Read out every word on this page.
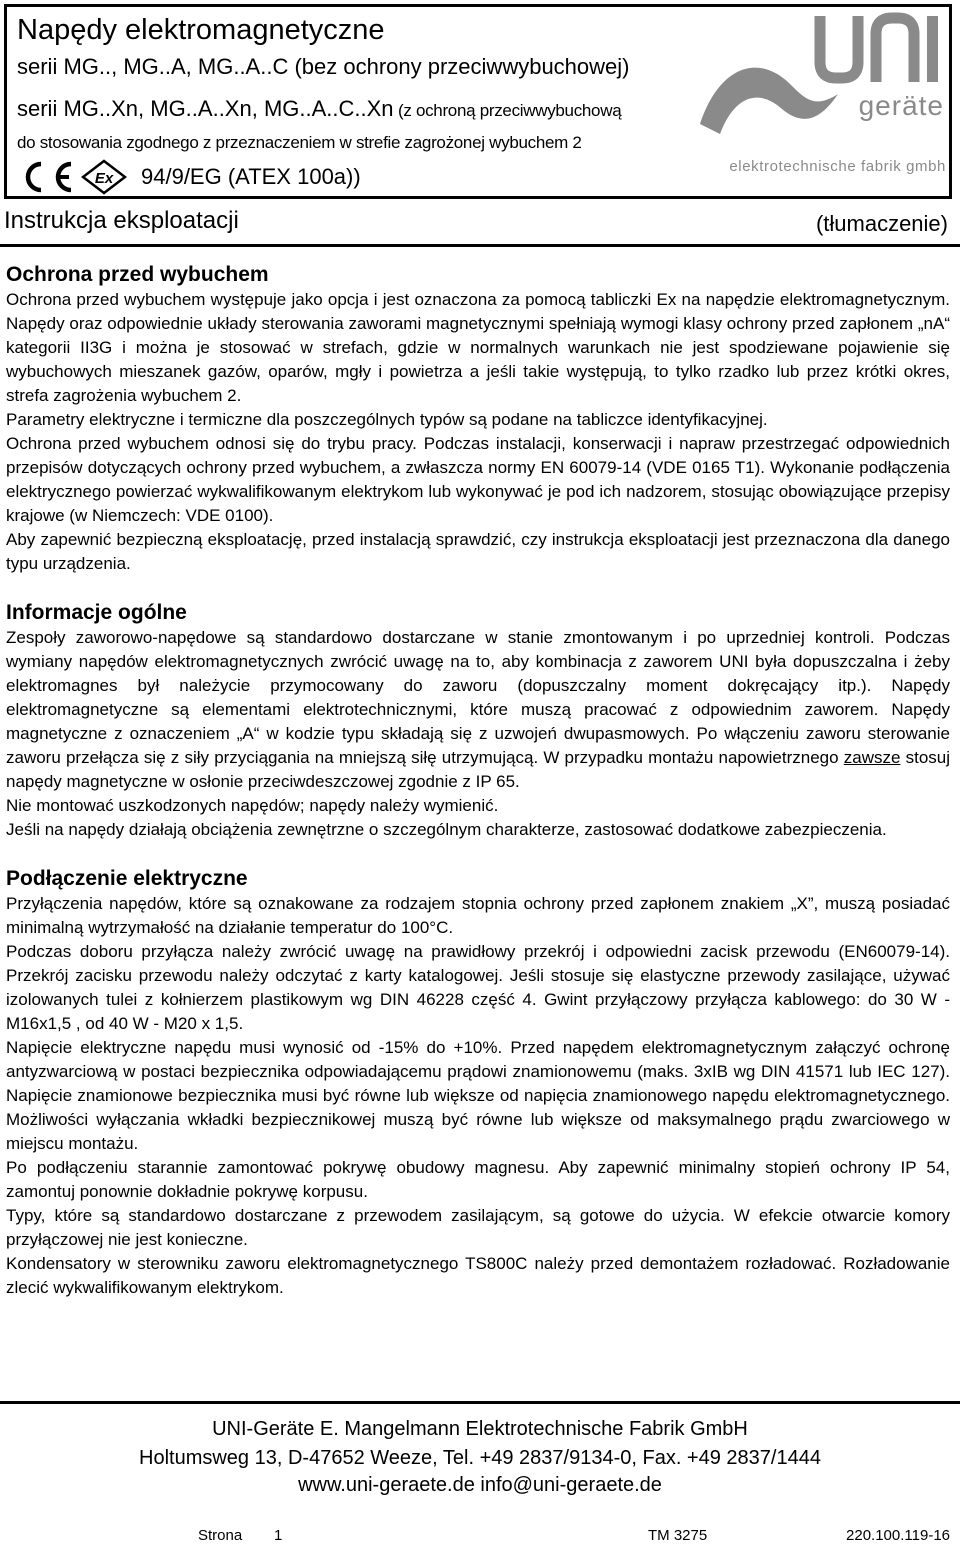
Napędy elektromagnetyczne
serii MG.., MG..A, MG..A..C (bez ochrony przeciwwybuchowej)
serii MG..Xn, MG..A..Xn, MG..A..C..Xn (z ochroną przeciwwybuchową
do stosowania zgodnego z przeznaczeniem w strefie zagrożonej wybuchem 2
Ex 94/9/EG (ATEX 100a))
geräte
elektrotechnische fabrik gmbh
Instrukcja eksploatacji	(tłumaczenie)
Ochrona przed wybuchem

Ochrona przed wybuchem występuje jako opcja i jest oznaczona za pomocą tabliczki Ex na napędzie elektromagnetycznym. Napędy oraz odpowiednie układy sterowania zaworami magnetycznymi spełniają wymogi klasy ochrony przed zapłonem „nA“ kategorii II3G i można je stosować w strefach, gdzie w normalnych warunkach nie jest spodziewane pojawienie się wybuchowych mieszanek gazów, oparów, mgły i powietrza a jeśli takie występują, to tylko rzadko lub przez krótki okres, strefa zagrożenia wybuchem 2.

Parametry elektryczne i termiczne dla poszczególnych typów są podane na tabliczce identyfikacyjnej.

Ochrona przed wybuchem odnosi się do trybu pracy. Podczas instalacji, konserwacji i napraw przestrzegać odpowiednich przepisów dotyczących ochrony przed wybuchem, a zwłaszcza normy EN 60079-14 (VDE 0165 T1). Wykonanie podłączenia elektrycznego powierzać wykwalifikowanym elektrykom lub wykonywać je pod ich nadzorem, stosując obowiązujące przepisy krajowe (w Niemczech: VDE 0100).

Aby zapewnić bezpieczną eksploatację, przed instalacją sprawdzić, czy instrukcja eksploatacji jest przeznaczona dla danego typu urządzenia.

Informacje ogólne

Zespoły zaworowo-napędowe są standardowo dostarczane w stanie zmontowanym i po uprzedniej kontroli. Podczas wymiany napędów elektromagnetycznych zwrócić uwagę na to, aby kombinacja z zaworem UNI była dopuszczalna i żeby elektromagnes był należycie przymocowany do zaworu (dopuszczalny moment dokręcający itp.). Napędy elektromagnetyczne są elementami elektrotechnicznymi, które muszą pracować z odpowiednim zaworem. Napędy magnetyczne z oznaczeniem „A“ w kodzie typu składają się z uzwojeń dwupasmowych. Po włączeniu zaworu sterowanie zaworu przełącza się z siły przyciągania na mniejszą siłę utrzymującą. W przypadku montażu napowietrznego zawsze stosuj napędy magnetyczne w osłonie przeciwdeszczowej zgodnie z IP 65.

Nie montować uszkodzonych napędów; napędy należy wymienić.

Jeśli na napędy działają obciążenia zewnętrzne o szczególnym charakterze, zastosować dodatkowe zabezpieczenia.

Podłączenie elektryczne

Przyłączenia napędów, które są oznakowane za rodzajem stopnia ochrony przed zapłonem znakiem „X”, muszą posiadać minimalną wytrzymałość na działanie temperatur do 100°C.

Podczas doboru przyłącza należy zwrócić uwagę na prawidłowy przekrój i odpowiedni zacisk przewodu (EN60079-14). Przekrój zacisku przewodu należy odczytać z karty katalogowej. Jeśli stosuje się elastyczne przewody zasilające, używać izolowanych tulei z kołnierzem plastikowym wg DIN 46228 część 4. Gwint przyłączowy przyłącza kablowego: do 30 W - M16x1,5 , od 40 W - M20 x 1,5.

Napięcie elektryczne napędu musi wynosić od -15% do +10%. Przed napędem elektromagnetycznym załączyć ochronę antyzwarciową w postaci bezpiecznika odpowiadającemu prądowi znamionowemu (maks. 3xIB wg DIN 41571 lub IEC 127). Napięcie znamionowe bezpiecznika musi być równe lub większe od napięcia znamionowego napędu elektromagnetycznego. Możliwości wyłączania wkładki bezpiecznikowej muszą być równe lub większe od maksymalnego prądu zwarciowego w miejscu montażu.

Po podłączeniu starannie zamontować pokrywę obudowy magnesu. Aby zapewnić minimalny stopień ochrony IP 54, zamontuj ponownie dokładnie pokrywę korpusu.

Typy, które są standardowo dostarczane z przewodem zasilającym, są gotowe do użycia. W efekcie otwarcie komory przyłączowej nie jest konieczne.

Kondensatory w sterowniku zaworu elektromagnetycznego TS800C należy przed demontażem rozładować. Rozładowanie zlecić wykwalifikowanym elektrykom.

UNI-Geräte E. Mangelmann Elektrotechnische Fabrik GmbH
Holtumsweg 13, D-47652 Weeze, Tel. +49 2837/9134-0, Fax. +49 2837/1444
www.uni-geraete.de info@uni-geraete.de
Strona 1	TM 3275	220.100.119-16
